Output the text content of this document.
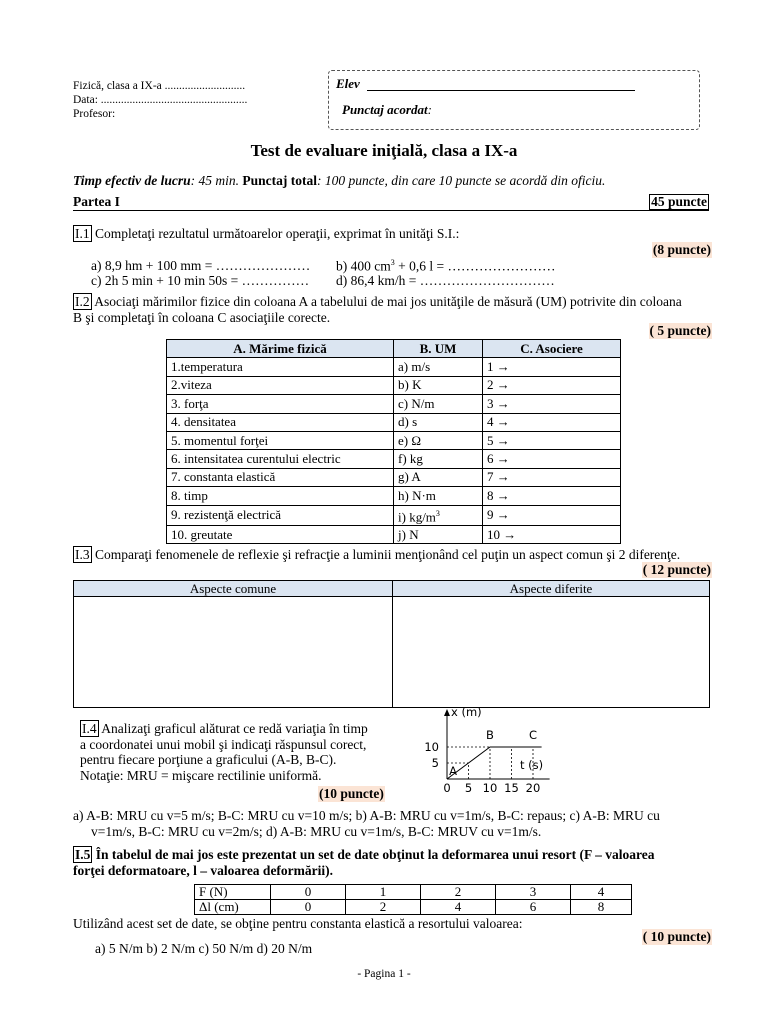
Fizică, clasa a IX-a ............................
Data: ...................................................
Profesor:
Elev
Punctaj acordat:
Test de evaluare iniţială, clasa a IX-a
Timp efectiv de lucru: 45 min. Punctaj total: 100 puncte, din care 10 puncte se acordă din oficiu.
Partea I	45 puncte
I.1 Completaţi rezultatul următoarelor operaţii, exprimat în unităţi S.I.:
(8 puncte)
a) 8,9 hm + 100 mm = ………………… b) 400 $cm^3 + 0,6$ l = ……………………
c) 2h 5 min + 10 min 50s = …………… d) 86,4 km/h = …………………………
I.2 Asociaţi mărimilor fizice din coloana A a tabelului de mai jos unităţile de măsură (UM) potrivite din coloana
B şi completaţi în coloana C asociaţiile corecte.
( 5 puncte)
A. Mărime fizică	B. UM	C. Asociere
1.temperatura	a) m/s	1 →
2.viteza	b) K	2 →
3. forţa	c) N/m	3 →
4. densitatea	d) s	4 →
5. momentul forţei	e) Ω	5 →
6. intensitatea curentului electric	f) kg	6 →
7. constanta elastică	g) A	7 →
8. timp	h) N·m	8 →
9. rezistenţă electrică	i) $kg/m^3$	9 →
10. greutate	j) N	10 →
I.3 Comparaţi fenomenele de reflexie şi refracţie a luminii menţionând cel puţin un aspect comun şi 2 diferenţe.
( 12 puncte)
Aspecte comune	Aspecte diferite

I.4 Analizaţi graficul alăturat ce redă variaţia în timp
a coordonatei unui mobil şi indicaţi răspunsul corect,
pentru fiecare porţiune a graficului (A-B, B-C).
Notaţie: MRU = mişcare rectilinie uniformă.
(10 puncte)
x (m)
t (s)
0 5 10 15 20
5
10
A
B	C
a) A-B: MRU cu v=5 m/s; B-C: MRU cu v=10 m/s; b) A-B: MRU cu v=1m/s, B-C: repaus; c) A-B: MRU cu
v=1m/s, B-C: MRU cu v=2m/s; d) A-B: MRU cu v=1m/s, B-C: MRUV cu v=1m/s.
I.5 În tabelul de mai jos este prezentat un set de date obţinut la deformarea unui resort (F – valoarea
forţei deformatoare, l – valoarea deformării).
F (N)	0	1	2	3	4
Δl (cm)	0	2	4	6	8
Utilizând acest set de date, se obţine pentru constanta elastică a resortului valoarea:
( 10 puncte)
a) 5 N/m b) 2 N/m c) 50 N/m d) 20 N/m
- Pagina 1 -
